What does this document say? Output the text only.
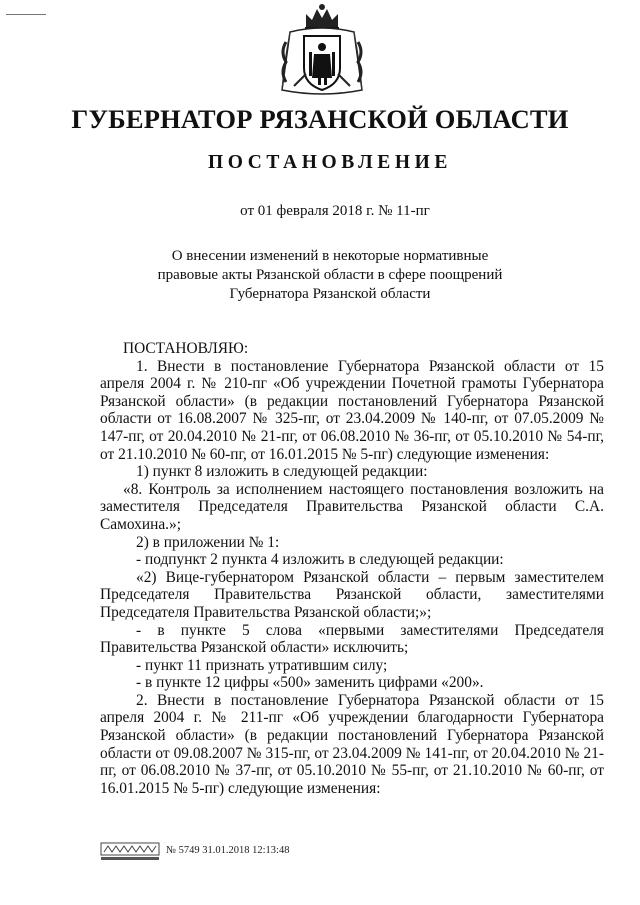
ГУБЕРНАТОР РЯЗАНСКОЙ ОБЛАСТИ
ПОСТАНОВЛЕНИЕ
от 01 февраля 2018 г. № 11-пг
О внесении изменений в некоторые нормативные
правовые акты Рязанской области в сфере поощрений
Губернатора Рязанской области

ПОСТАНОВЛЯЮ:

1. Внести в постановление Губернатора Рязанской области от 15 апреля 2004 г. № 210-пг «Об учреждении Почетной грамоты Губернатора Рязанской области» (в редакции постановлений Губернатора Рязанской области от 16.08.2007 № 325-пг, от 23.04.2009 № 140-пг, от 07.05.2009 № 147-пг, от 20.04.2010 № 21-пг, от 06.08.2010 № 36-пг, от 05.10.2010 № 54-пг, от 21.10.2010 № 60-пг, от 16.01.2015 № 5-пг) следующие изменения:

1) пункт 8 изложить в следующей редакции:

«8. Контроль за исполнением настоящего постановления возложить на заместителя Председателя Правительства Рязанской области С.А. Самохина.»;

2) в приложении № 1:

- подпункт 2 пункта 4 изложить в следующей редакции:

«2) Вице-губернатором Рязанской области – первым заместителем Председателя Правительства Рязанской области, заместителями Председателя Правительства Рязанской области;»;

- в пункте 5 слова «первыми заместителями Председателя Правительства Рязанской области» исключить;

- пункт 11 признать утратившим силу;

- в пункте 12 цифры «500» заменить цифрами «200».

2. Внести в постановление Губернатора Рязанской области от 15 апреля 2004 г. № 211-пг «Об учреждении благодарности Губернатора Рязанской области» (в редакции постановлений Губернатора Рязанской области от 09.08.2007 № 315-пг, от 23.04.2009 № 141-пг, от 20.04.2010 № 21-пг, от 06.08.2010 № 37-пг, от 05.10.2010 № 55-пг, от 21.10.2010 № 60-пг, от 16.01.2015 № 5-пг) следующие изменения:

№ 5749 31.01.2018 12:13:48
